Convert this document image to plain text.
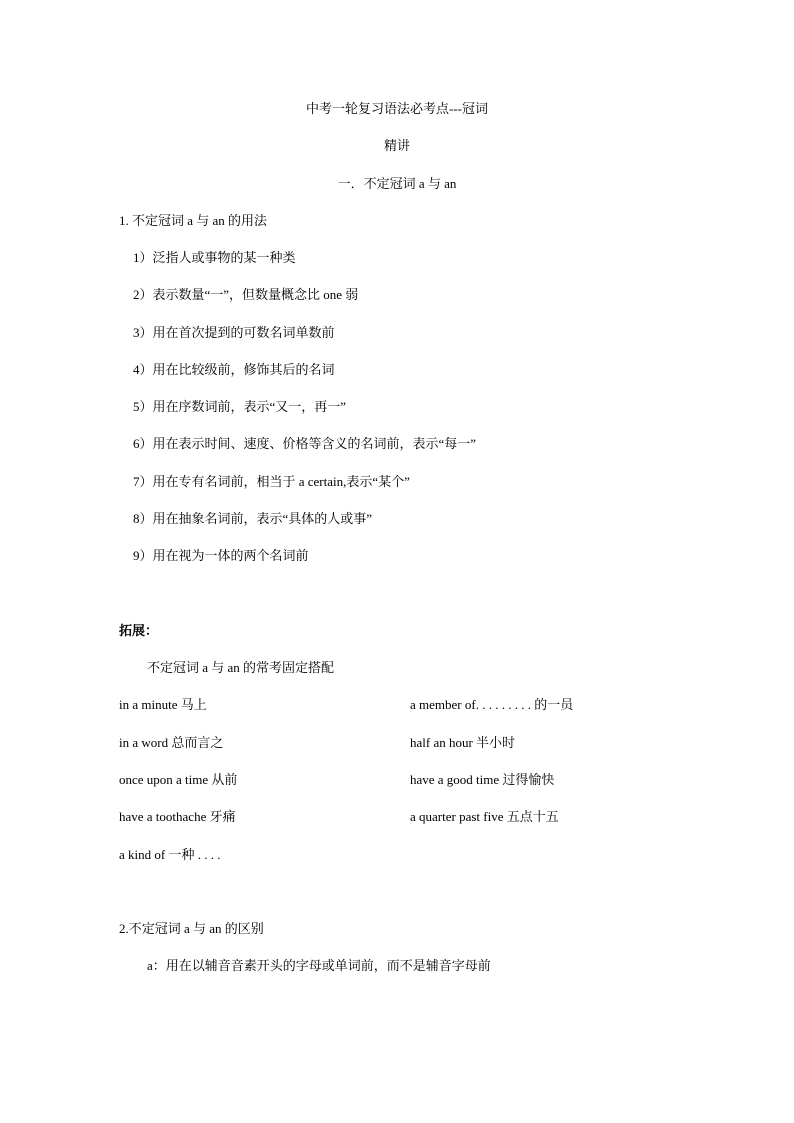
中考一轮复习语法必考点---冠词
精讲
一．不定冠词 a 与 an
1. 不定冠词 a 与 an 的用法
1）泛指人或事物的某一种类
2）表示数量“一”，但数量概念比 one 弱
3）用在首次提到的可数名词单数前
4）用在比较级前，修饰其后的名词
5）用在序数词前，表示“又一，再一”
6）用在表示时间、速度、价格等含义的名词前，表示“每一”
7）用在专有名词前，相当于 a certain,表示“某个”
8）用在抽象名词前，表示“具体的人或事”
9）用在视为一体的两个名词前
拓展：
不定冠词 a 与 an 的常考固定搭配
in a minute 马上
in a word 总而言之
once upon a time 从前
have a toothache 牙痛
a kind of 一种 . . . .
a member of. . . . . . . . . 的一员
half an hour 半小时
have a good time 过得愉快
a quarter past five 五点十五
2.不定冠词 a 与 an 的区别
a：用在以辅音音素开头的字母或单词前，而不是辅音字母前
